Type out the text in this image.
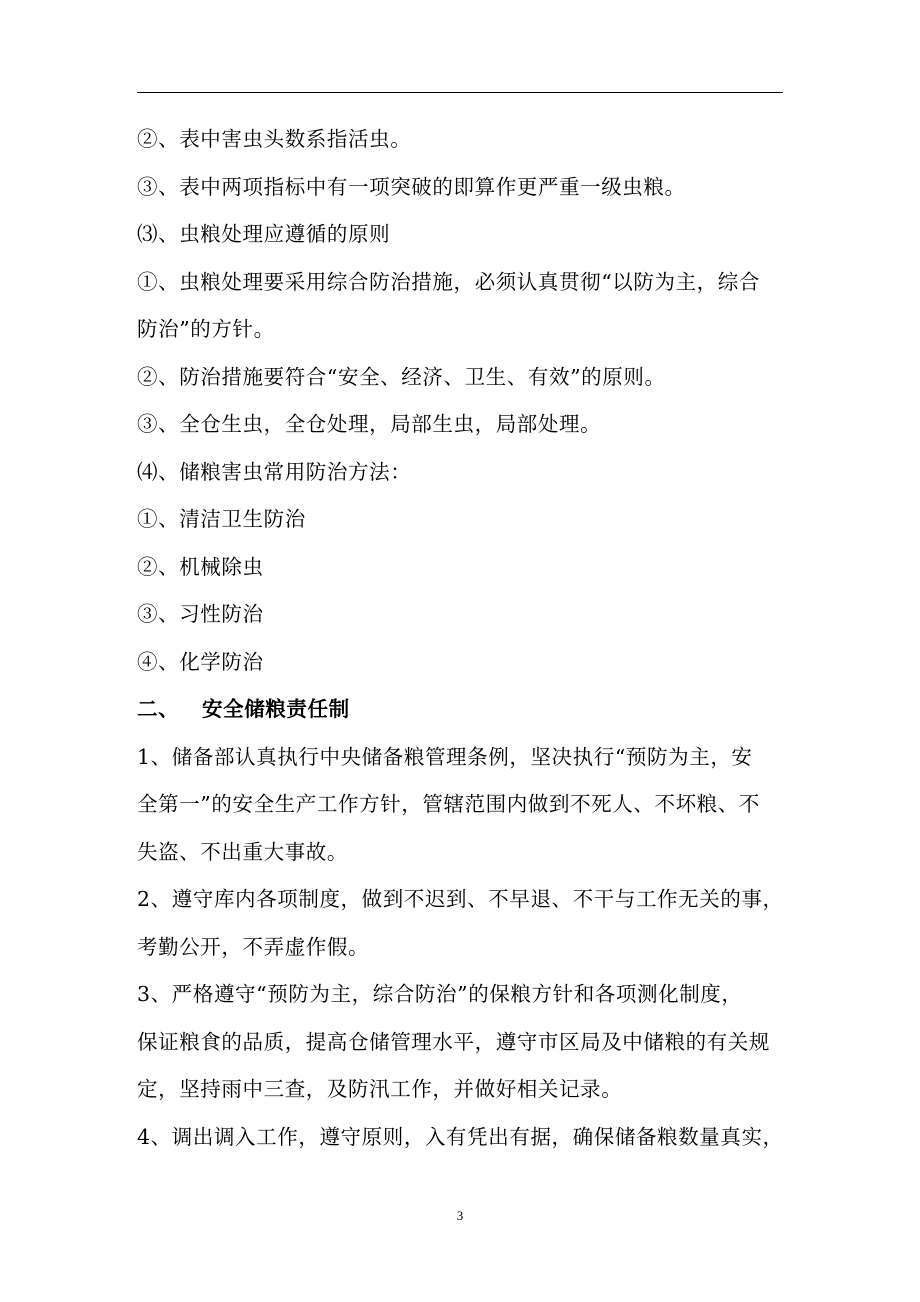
②、表中害虫头数系指活虫。
③、表中两项指标中有一项突破的即算作更严重一级虫粮。
⑶、虫粮处理应遵循的原则
①、虫粮处理要采用综合防治措施，必须认真贯彻“以防为主，综合
防治”的方针。
②、防治措施要符合“安全、经济、卫生、有效”的原则。
③、全仓生虫，全仓处理，局部生虫，局部处理。
⑷、储粮害虫常用防治方法：
①、清洁卫生防治
②、机械除虫
③、习性防治
④、化学防治
二、 安全储粮责任制
1、储备部认真执行中央储备粮管理条例，坚决执行“预防为主，安
全第一”的安全生产工作方针，管辖范围内做到不死人、不坏粮、不
失盗、不出重大事故。
2、遵守库内各项制度，做到不迟到、不早退、不干与工作无关的事，
考勤公开，不弄虚作假。
3、严格遵守“预防为主，综合防治”的保粮方针和各项测化制度，
保证粮食的品质，提高仓储管理水平，遵守市区局及中储粮的有关规
定，坚持雨中三查，及防汛工作，并做好相关记录。
4、调出调入工作，遵守原则，入有凭出有据，确保储备粮数量真实，
3
